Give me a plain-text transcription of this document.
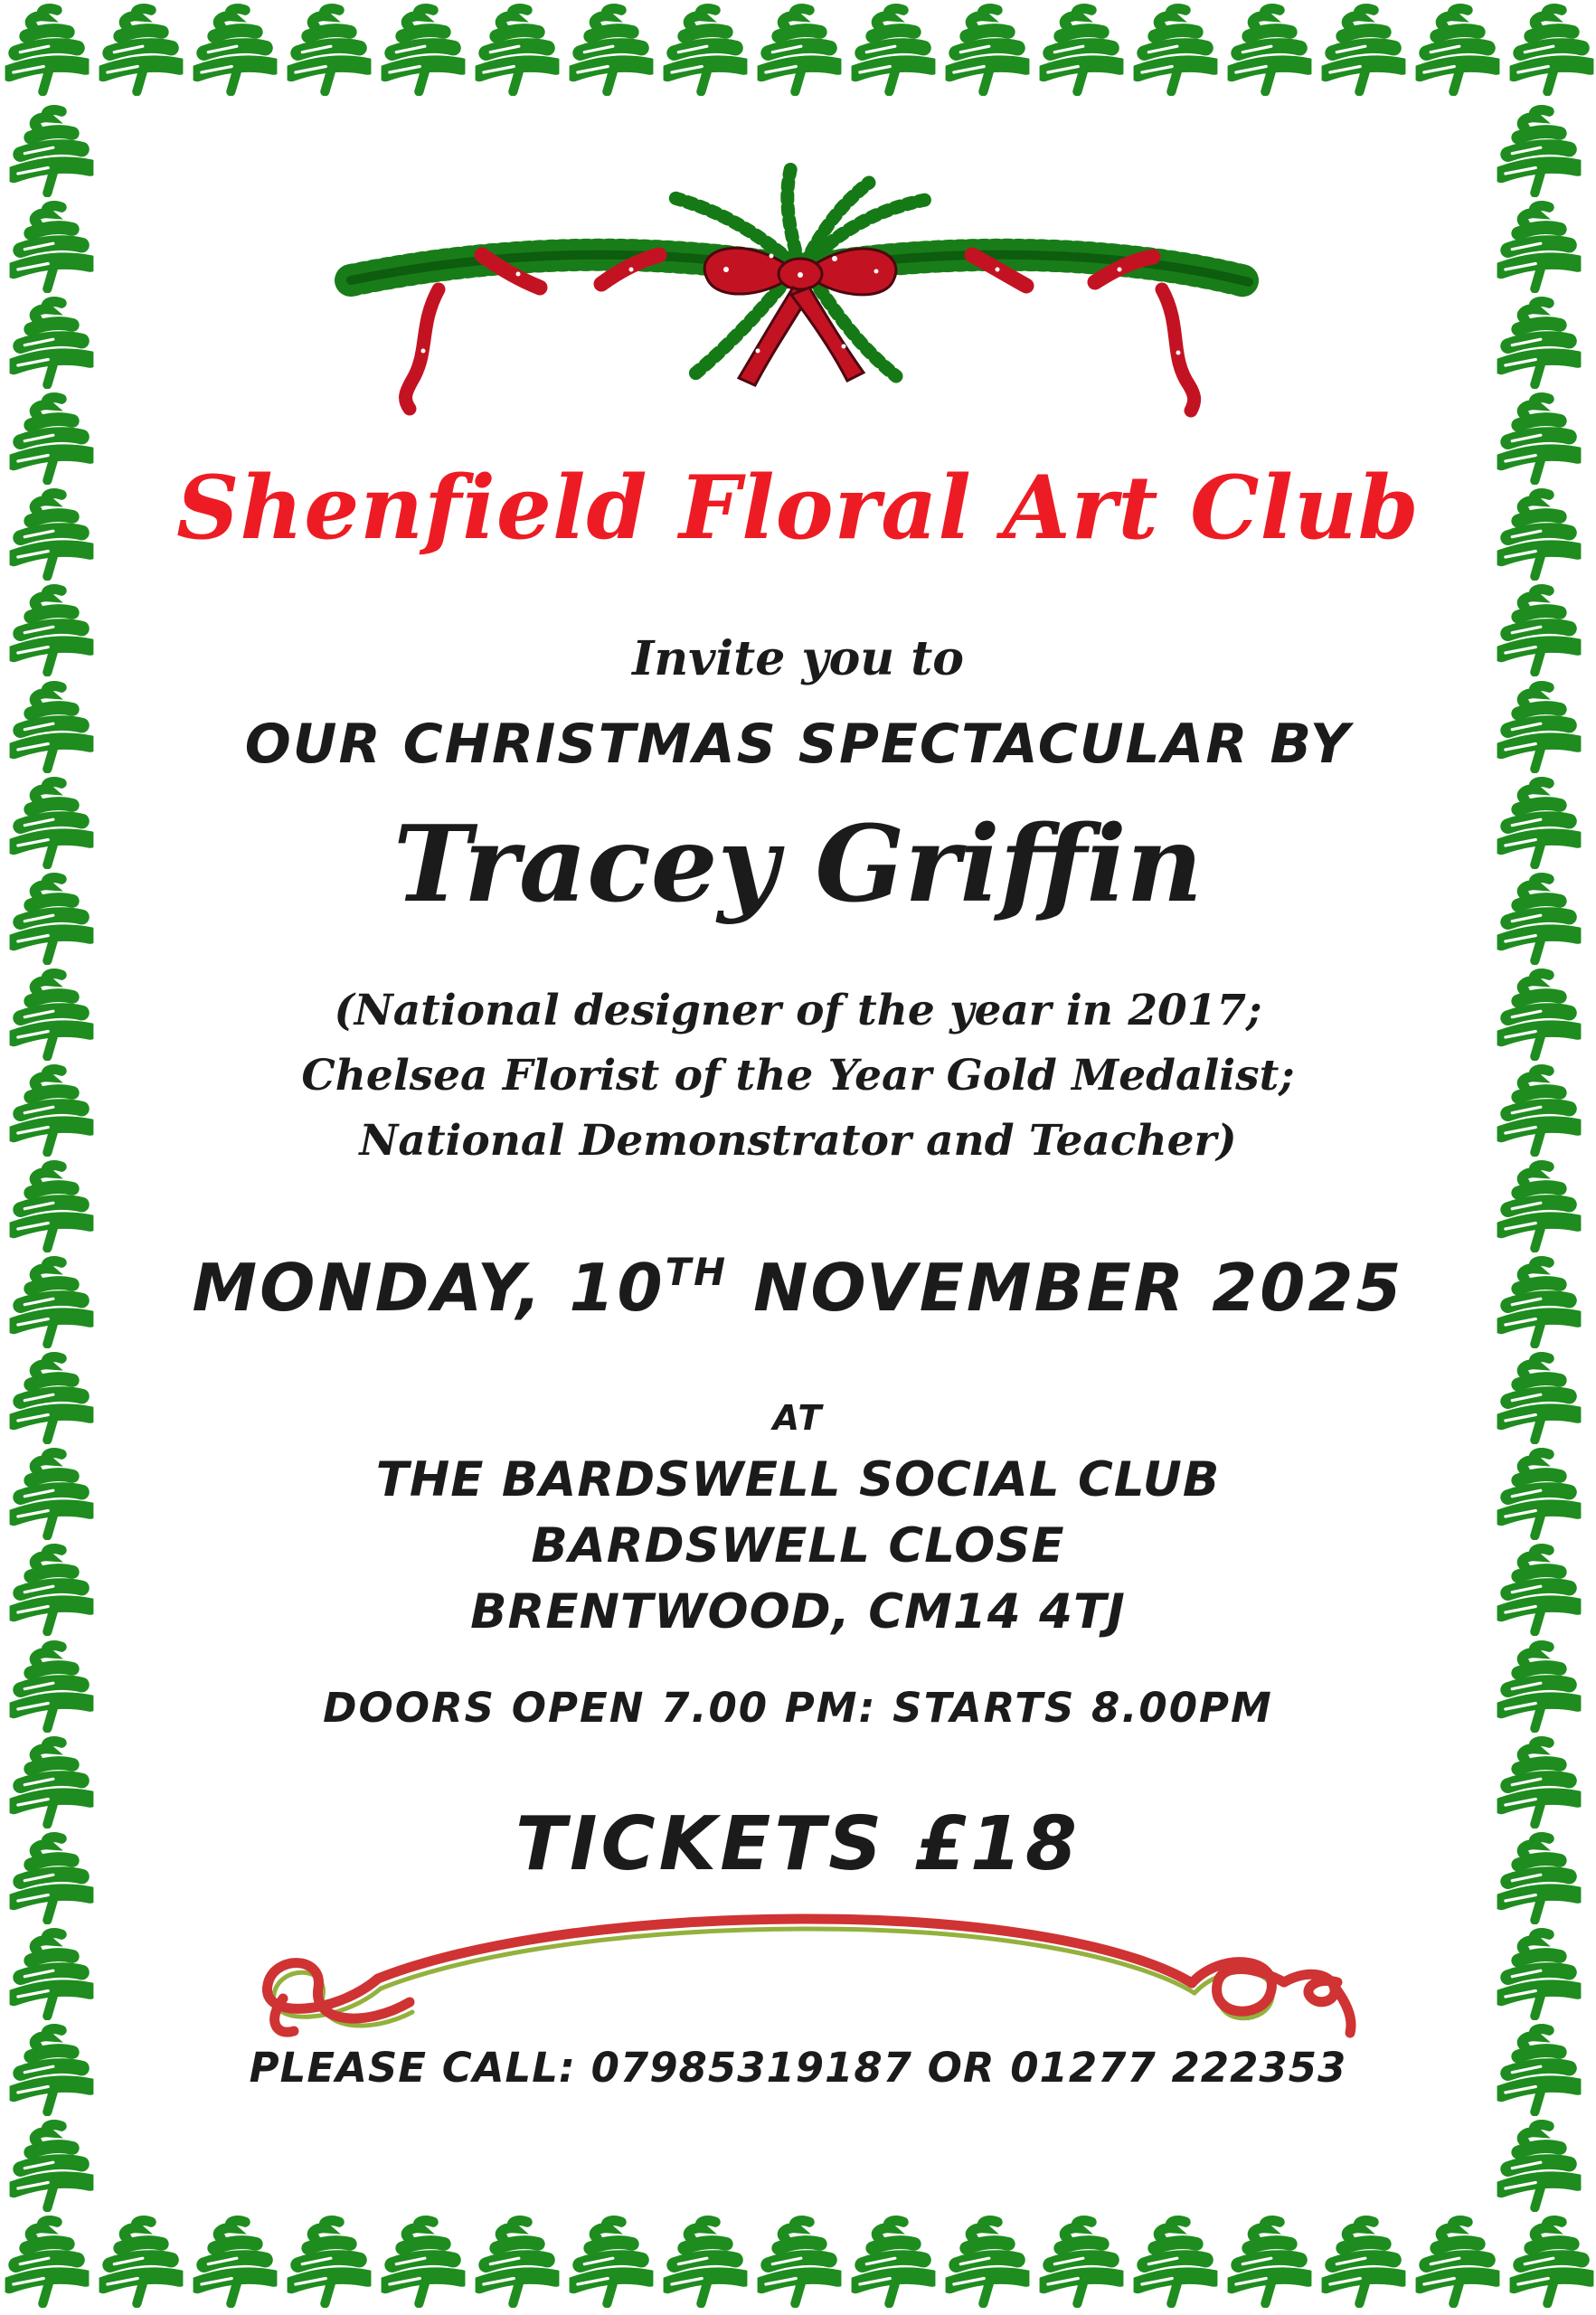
Shenfield Floral Art Club
Invite you to
OUR CHRISTMAS SPECTACULAR BY
Tracey Griffin
(National designer of the year in 2017;
Chelsea Florist of the Year Gold Medalist;
National Demonstrator and Teacher)
MONDAY, 10TH NOVEMBER 2025
AT
THE BARDSWELL SOCIAL CLUB
BARDSWELL CLOSE
BRENTWOOD, CM14 4TJ
DOORS OPEN 7.00 PM: STARTS 8.00PM
TICKETS £18
PLEASE CALL: 07985319187 OR 01277 222353
